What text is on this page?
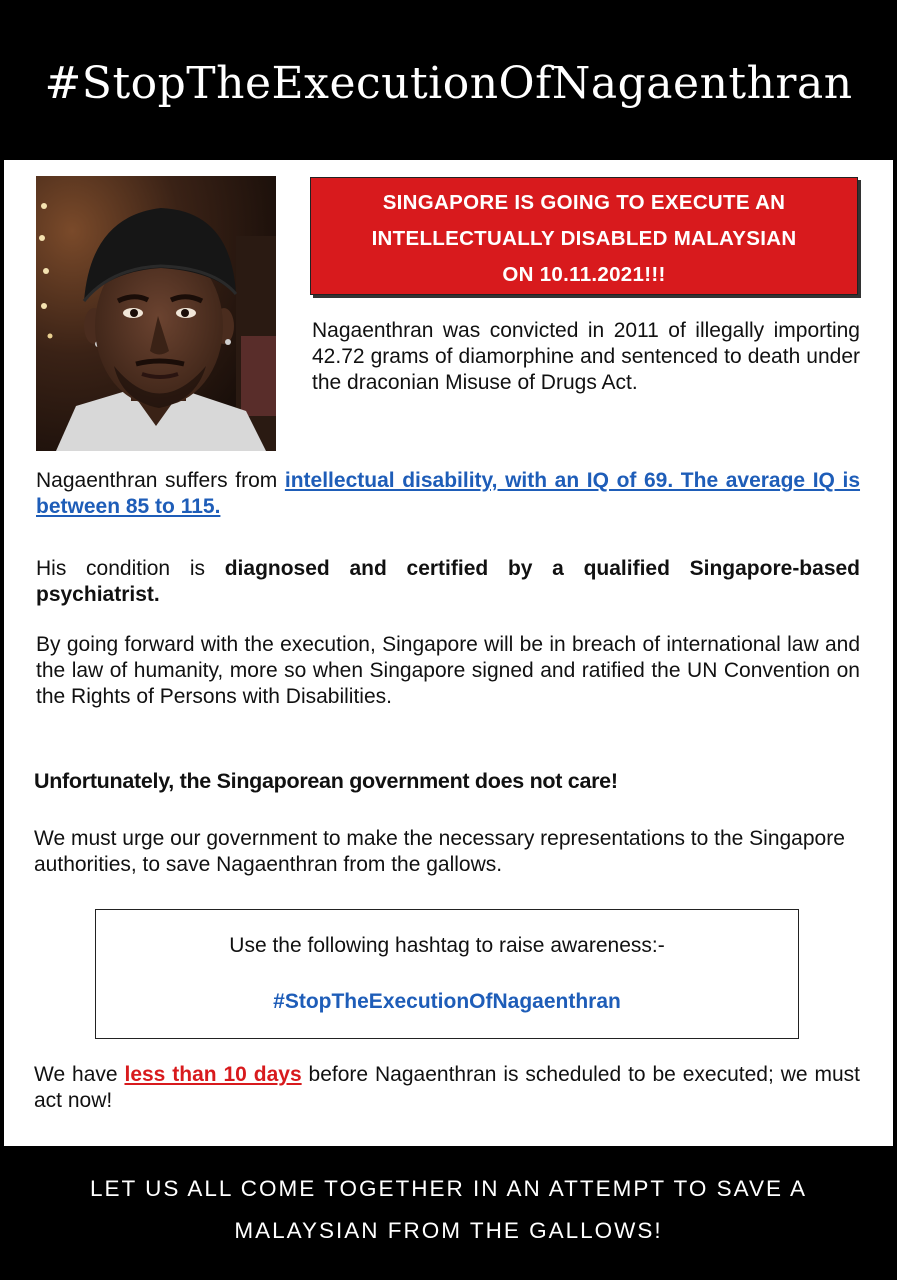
#StopTheExecutionOfNagaenthran
SINGAPORE IS GOING TO EXECUTE AN
INTELLECTUALLY DISABLED MALAYSIAN
ON 10.11.2021!!!
Nagaenthran was convicted in 2011 of illegally importing 42.72 grams of diamorphine and sentenced to death under the draconian Misuse of Drugs Act.
Nagaenthran suffers from intellectual disability, with an IQ of 69. The average IQ is between 85 to 115.
His condition is diagnosed and certified by a qualified Singapore-based psychiatrist.
By going forward with the execution, Singapore will be in breach of international law and the law of humanity, more so when Singapore signed and ratified the UN Convention on the Rights of Persons with Disabilities.
Unfortunately, the Singaporean government does not care!
We must urge our government to make the necessary representations to the Singapore authorities, to save Nagaenthran from the gallows.
Use the following hashtag to raise awareness:-
#StopTheExecutionOfNagaenthran
We have less than 10 days before Nagaenthran is scheduled to be executed; we must act now!
LET US ALL COME TOGETHER IN AN ATTEMPT TO SAVE A
MALAYSIAN FROM THE GALLOWS!
